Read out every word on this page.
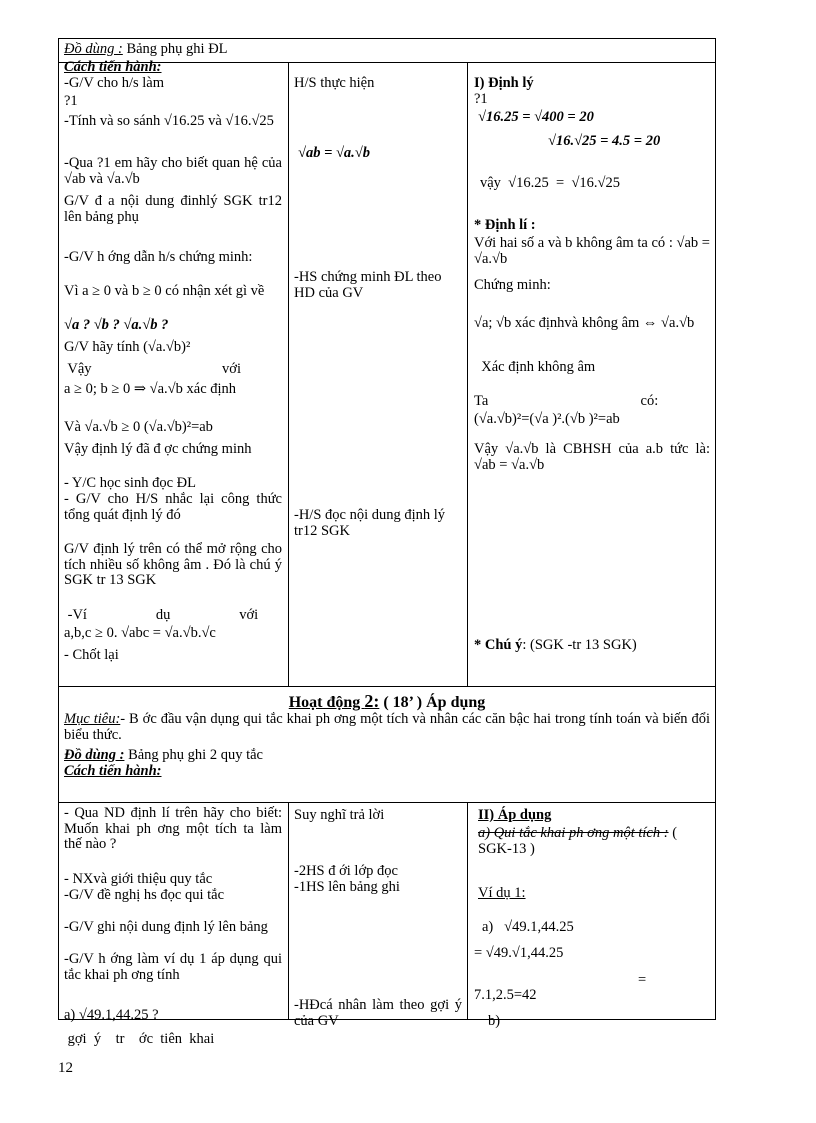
Đồ dùng : Bảng phụ ghi ĐL
Cách tiến hành:
-G/V cho h/s làm
?1
-Tính và so sánh √16.25 và √16.√25
-Qua ?1 em hãy cho biết quan hệ của √ab và √a.√b
G/V đ a nội dung đinhlý SGK tr12 lên bảng phụ
-G/V h ớng dẫn h/s chứng minh:
Vì a ≥ 0 và b ≥ 0 có nhận xét gì về
√a ? √b ? √a.√b ?
G/V hãy tính (√a.√b)²
Vậy                                    với
a ≥ 0; b ≥ 0 ⇒ √a.√b xác định
Và √a.√b ≥ 0 (√a.√b)²=ab
Vậy định lý đã đ ợc chứng minh
- Y/C học sinh đọc ĐL
- G/V cho H/S nhắc lại công thức tổng quát định lý đó
G/V định lý trên có thể mở rộng cho tích nhiều số không âm . Đó là chú ý SGK tr 13 SGK
-Ví                   dụ                   với
a,b,c ≥ 0. √abc = √a.√b.√c
- Chốt lại
H/S thực hiện
√ab = √a.√b
-HS chứng minh ĐL theo HD của GV
-H/S đọc nội dung định lý tr12 SGK
I) Định lý
?1
√16.25 = √400 = 20
√16.√25 = 4.5 = 20
vậy  √16.25  =  √16.√25
* Định lí :
Với hai số a và b không âm ta có : √ab = √a.√b
Chứng minh:
√a; √b xác địnhvà không âm ⇔ √a.√b
Xác định không âm
Ta                                          có:
(√a.√b)²=(√a )².(√b )²=ab
Vậy √a.√b là CBHSH của a.b tức là: √ab = √a.√b
* Chú ý: (SGK -tr 13 SGK)
Hoạt động 2: ( 18’ ) Áp dụng
Mục tiêu:- B ớc đầu vận dụng qui tắc khai ph ơng một tích và nhân các căn bậc hai trong tính toán và biến đổi biểu thức.
Đồ dùng : Bảng phụ ghi 2 quy tắc
Cách tiến hành:
- Qua ND định lí trên hãy cho biết: Muốn khai ph ơng một tích ta làm thế nào ?
- NXvà giới thiệu quy tắc
-G/V đề nghị hs đọc qui tắc
-G/V ghi nội dung định lý lên bảng
-G/V h ớng làm ví dụ 1 áp dụng qui tắc khai ph ơng tính
a) √49.1,44.25 ?
gợi  ý    tr    ớc  tiên  khai
Suy nghĩ trả lời
-2HS đ ới lớp đọc
-1HS lên bảng ghi
-HĐcá nhân làm theo gợi ý của GV
II) Áp dụng
a) Qui tắc khai ph ơng một tích : ( SGK-13 )
Ví dụ 1:
a)   √49.1,44.25
= √49.√1,44.25
=
7.1,2.5=42
b)
12
